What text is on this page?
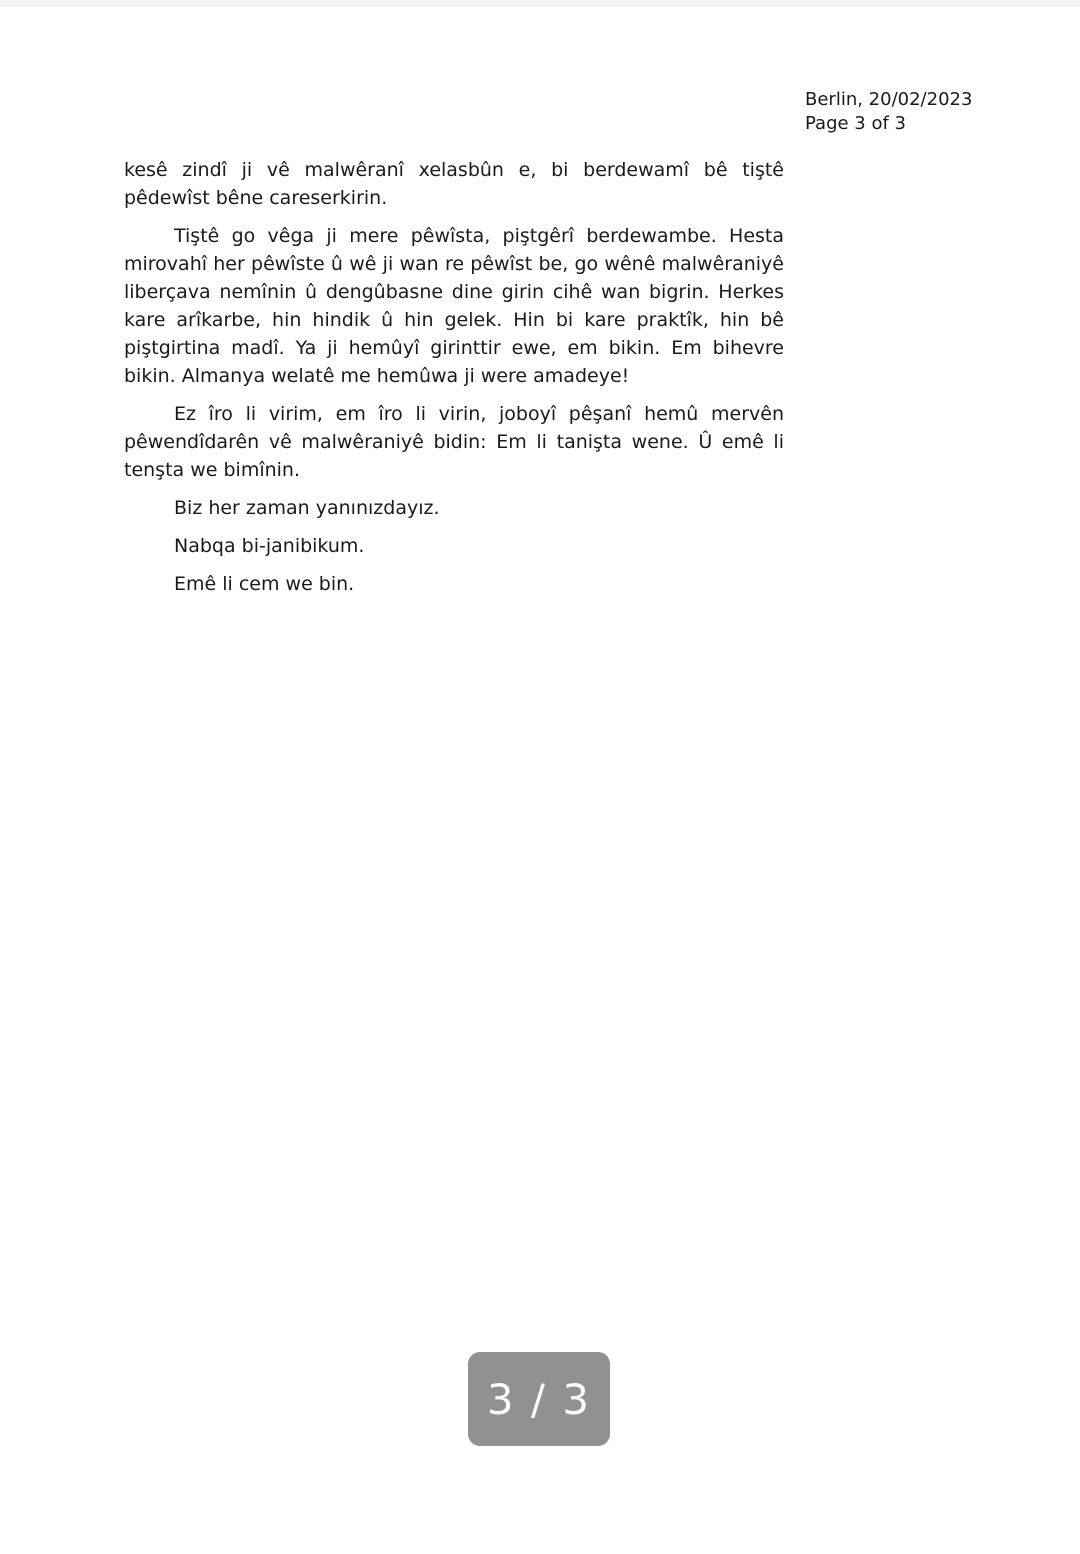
Berlin, 20/02/2023
Page 3 of 3

kesê zindî ji vê malwêranî xelasbûn e, bi berdewamî bê tiştê pêdewîst bêne careserkirin.

Tiştê go vêga ji mere pêwîsta, piştgêrî berdewambe. Hesta mirovahî her pêwîste û wê ji wan re pêwîst be, go wênê malwêraniyê liberçava nemînin û dengûbasne dine girin cihê wan bigrin. Herkes kare arîkarbe, hin hindik û hin gelek. Hin bi kare praktîk, hin bê piştgirtina madî. Ya ji hemûyî girinttir ewe, em bikin. Em bihevre bikin. Almanya welatê me hemûwa ji were amadeye!

Ez îro li virim, em îro li virin, joboyî pêşanî hemû mervên pêwendîdarên vê malwêraniyê bidin: Em li tanişta wene. Û emê li tenşta we bimînin.

Biz her zaman yanınızdayız.

Nabqa bi-janibikum.

Emê li cem we bin.

3 / 3
